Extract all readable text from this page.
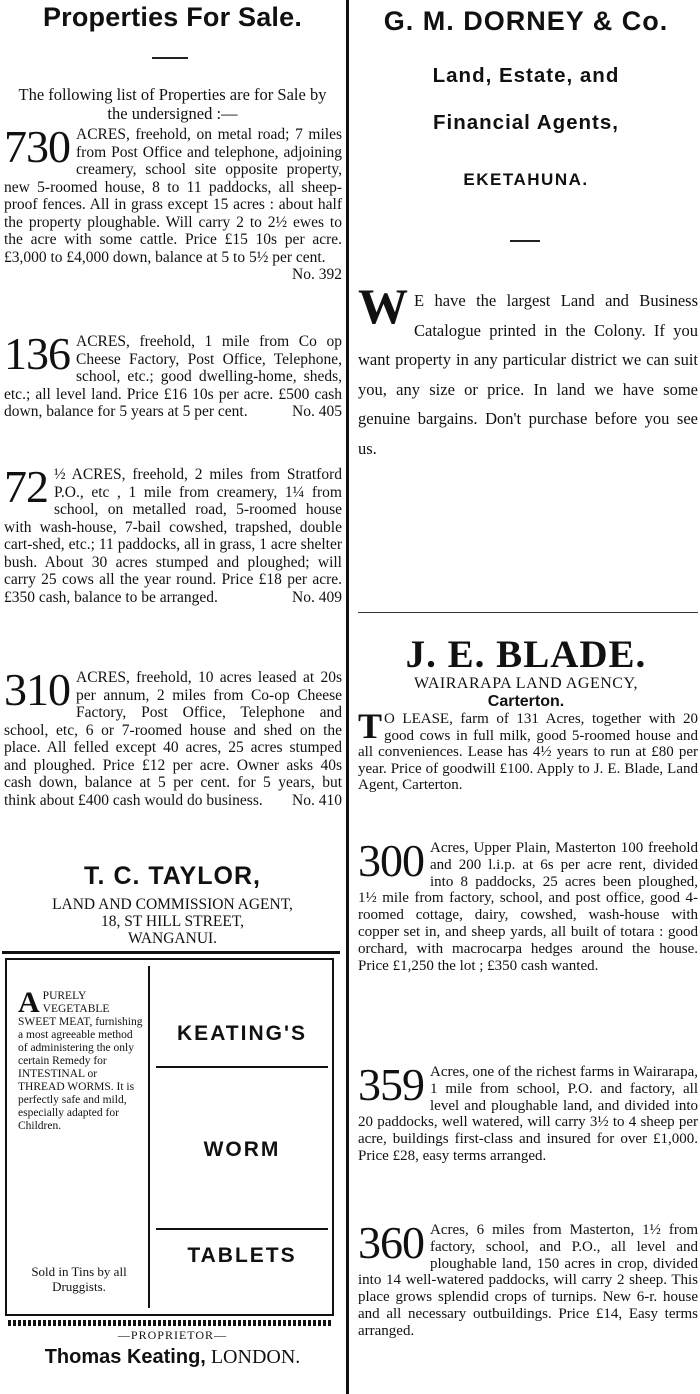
Properties For Sale.
The following list of Properties are for Sale by the undersigned :—
730 ACRES, freehold, on metal road; 7 miles from Post Office and telephone, adjoining creamery, school site opposite property, new 5-roomed house, 8 to 11 paddocks, all sheep-proof fences. All in grass except 15 acres : about half the property ploughable. Will carry 2 to 2½ ewes to the acre with some cattle. Price £15 10s per acre. £3,000 to £4,000 down, balance at 5 to 5½ per cent.
No. 392
136 ACRES, freehold, 1 mile from Co op Cheese Factory, Post Office, Telephone, school, etc.; good dwelling-home, sheds, etc.; all level land. Price £16 10s per acre. £500 cash down, balance for 5 years at 5 per cent.	No. 405
72 ½ ACRES, freehold, 2 miles from Stratford P.O., etc , 1 mile from creamery, 1¼ from school, on metalled road, 5-roomed house with wash-house, 7-bail cowshed, trapshed, double cart-shed, etc.; 11 paddocks, all in grass, 1 acre shelter bush. About 30 acres stumped and ploughed; will carry 25 cows all the year round. Price £18 per acre. £350 cash, balance to be arranged.	No. 409
310 ACRES, freehold, 10 acres leased at 20s per annum, 2 miles from Co-op Cheese Factory, Post Office, Telephone and school, etc, 6 or 7-roomed house and shed on the place. All felled except 40 acres, 25 acres stumped and ploughed. Price £12 per acre. Owner asks 40s cash down, balance at 5 per cent. for 5 years, but think about £400 cash would do business. No. 410
T. C. TAYLOR,
LAND AND COMMISSION AGENT,
18, ST HILL STREET,
WANGANUI.
A PURELY VEGETABLE SWEET MEAT, furnishing a most agreeable method of administering the only certain Remedy for INTESTINAL or THREAD WORMS. It is perfectly safe and mild, especially adapted for Children.
Sold in Tins by all Druggists.
KEATING'S
WORM
TABLETS
—PROPRIETOR—
Thomas Keating, LONDON.
G. M. DORNEY & Co.
Land, Estate, and
Financial Agents,
EKETAHUNA.
W E have the largest Land and Business Catalogue printed in the Colony. If you want property in any particular district we can suit you, any size or price. In land we have some genuine bargains. Don't purchase before you see us.
J. E. BLADE.
WAIRARAPA LAND AGENCY,
Carterton.
T O LEASE, farm of 131 Acres, together with 20 good cows in full milk, good 5-roomed house and all conveniences. Lease has 4½ years to run at £80 per year. Price of goodwill £100. Apply to J. E. Blade, Land Agent, Carterton.
300 Acres, Upper Plain, Masterton 100 freehold and 200 l.i.p. at 6s per acre rent, divided into 8 paddocks, 25 acres been ploughed, 1½ mile from factory, school, and post office, good 4-roomed cottage, dairy, cowshed, wash-house with copper set in, and sheep yards, all built of totara : good orchard, with macrocarpa hedges around the house. Price £1,250 the lot ; £350 cash wanted.
359 Acres, one of the richest farms in Wairarapa, 1 mile from school, P.O. and factory, all level and ploughable land, and divided into 20 paddocks, well watered, will carry 3½ to 4 sheep per acre, buildings first-class and insured for over £1,000. Price £28, easy terms arranged.
360 Acres, 6 miles from Masterton, 1½ from factory, school, and P.O., all level and ploughable land, 150 acres in crop, divided into 14 well-watered paddocks, will carry 2 sheep. This place grows splendid crops of turnips. New 6-r. house and all necessary outbuildings. Price £14, Easy terms arranged.
